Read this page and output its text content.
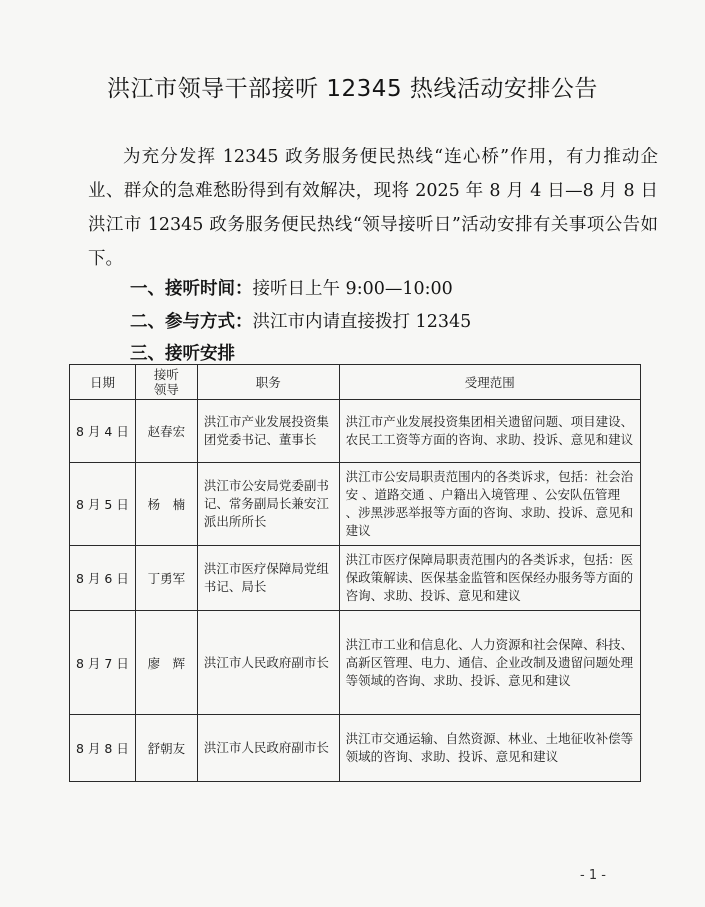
洪江市领导干部接听 12345 热线活动安排公告
为充分发挥 12345 政务服务便民热线“连心桥”作用，有力推动企业、群众的急难愁盼得到有效解决，现将 2025 年 8 月 4 日—8 月 8 日洪江市 12345 政务服务便民热线“领导接听日”活动安排有关事项公告如下。
一、接听时间：接听日上午 9:00—10:00
二、参与方式：洪江市内请直接拨打 12345
三、接听安排
日期	接听领导	职务	受理范围
8 月 4 日	赵春宏	洪江市产业发展投资集团党委书记、董事长	洪江市产业发展投资集团相关遗留问题、项目建设、农民工工资等方面的咨询、求助、投诉、意见和建议
8 月 5 日	杨　楠	洪江市公安局党委副书记、常务副局长兼安江派出所所长	洪江市公安局职责范围内的各类诉求，包括：社会治安 、道路交通 、户籍出入境管理 、公安队伍管理 、涉黑涉恶举报等方面的咨询、求助、投诉、意见和建议
8 月 6 日	丁勇军	洪江市医疗保障局党组书记、局长	洪江市医疗保障局职责范围内的各类诉求，包括：医保政策解读、医保基金监管和医保经办服务等方面的咨询、求助、投诉、意见和建议
8 月 7 日	廖　辉	洪江市人民政府副市长	洪江市工业和信息化、人力资源和社会保障、科技、高新区管理、电力、通信、企业改制及遗留问题处理等领域的咨询、求助、投诉、意见和建议
8 月 8 日	舒朝友	洪江市人民政府副市长	洪江市交通运输、自然资源、林业、土地征收补偿等领域的咨询、求助、投诉、意见和建议
- 1 -
